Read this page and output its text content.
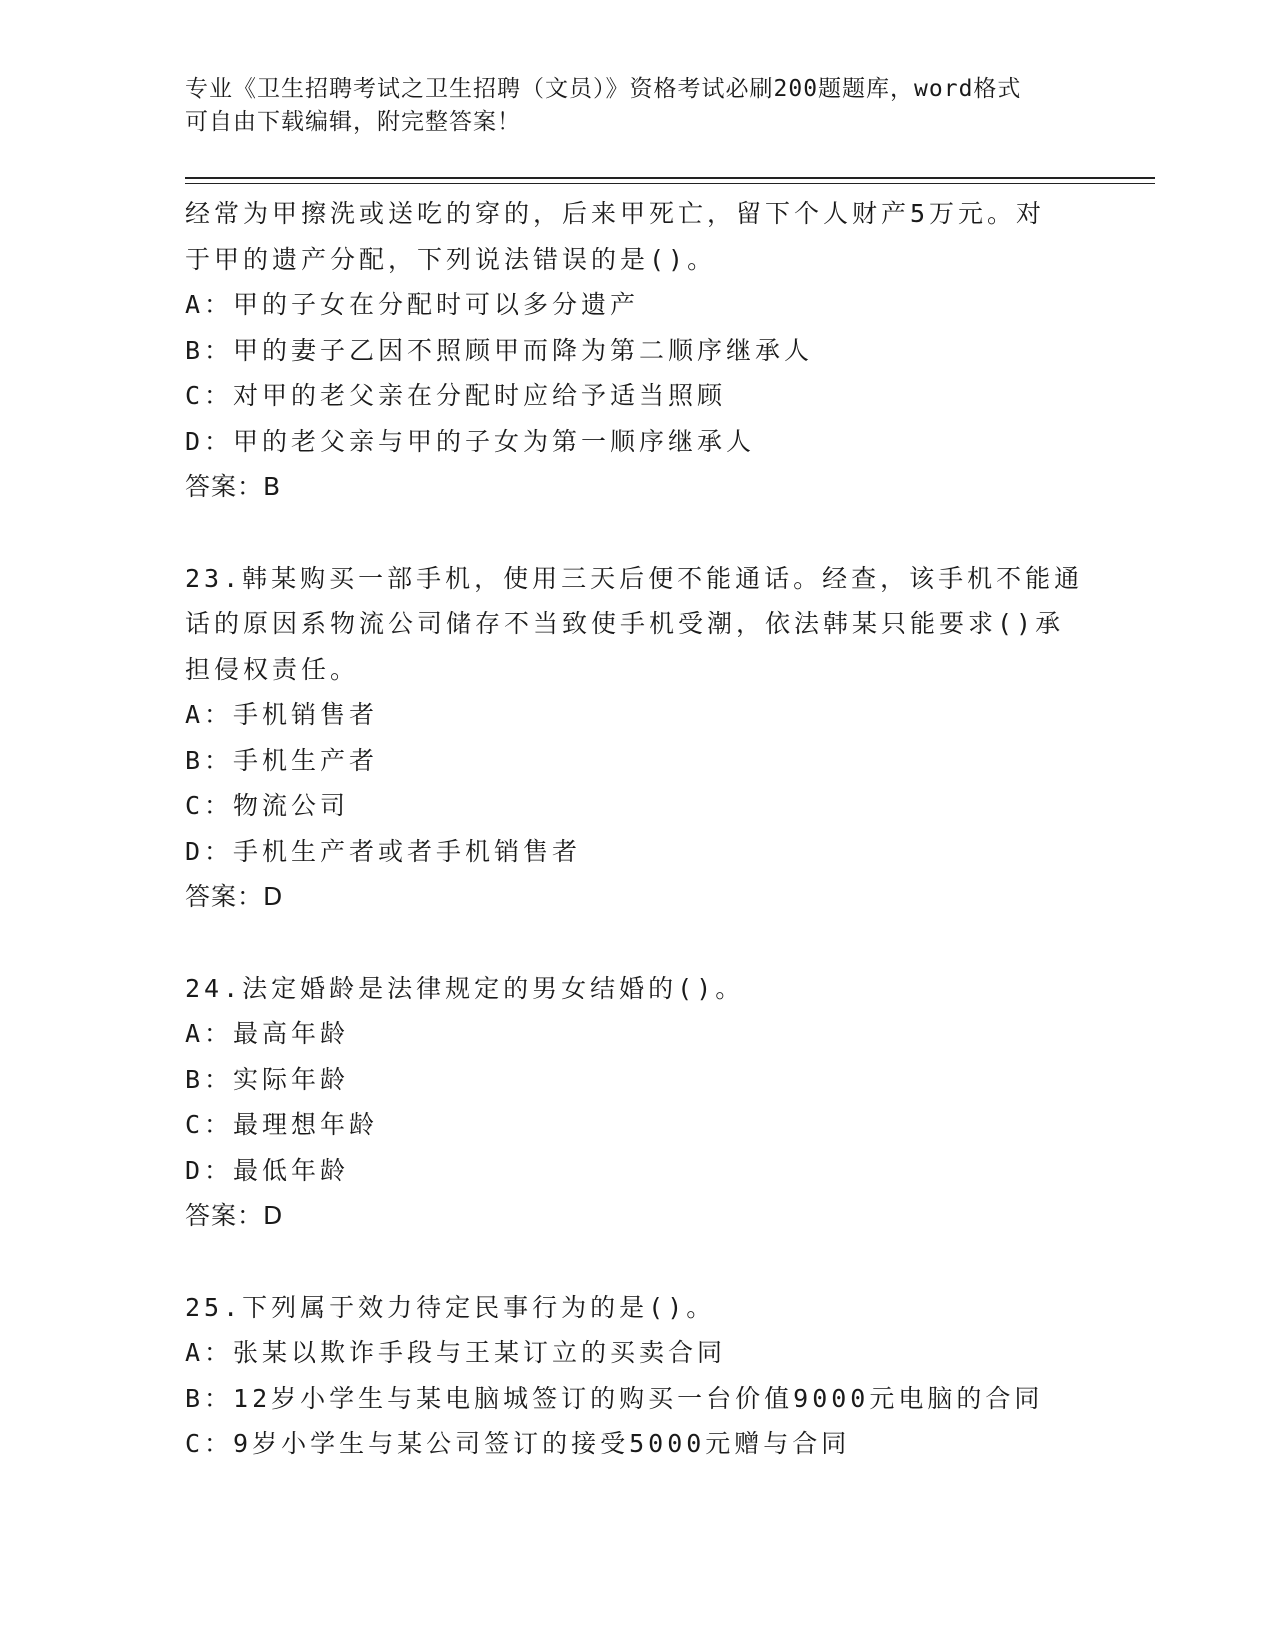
专业《卫生招聘考试之卫生招聘（文员）》资格考试必刷200题题库，word格式
可自由下载编辑，附完整答案！
经常为甲擦洗或送吃的穿的，后来甲死亡，留下个人财产5万元。对
于甲的遗产分配，下列说法错误的是()。
A：甲的子女在分配时可以多分遗产
B：甲的妻子乙因不照顾甲而降为第二顺序继承人
C：对甲的老父亲在分配时应给予适当照顾
D：甲的老父亲与甲的子女为第一顺序继承人
答案：B
23.韩某购买一部手机，使用三天后便不能通话。经查，该手机不能通
话的原因系物流公司储存不当致使手机受潮，依法韩某只能要求()承
担侵权责任。
A：手机销售者
B：手机生产者
C：物流公司
D：手机生产者或者手机销售者
答案：D
24.法定婚龄是法律规定的男女结婚的()。
A：最高年龄
B：实际年龄
C：最理想年龄
D：最低年龄
答案：D
25.下列属于效力待定民事行为的是()。
A：张某以欺诈手段与王某订立的买卖合同
B：12岁小学生与某电脑城签订的购买一台价值9000元电脑的合同
C：9岁小学生与某公司签订的接受5000元赠与合同
